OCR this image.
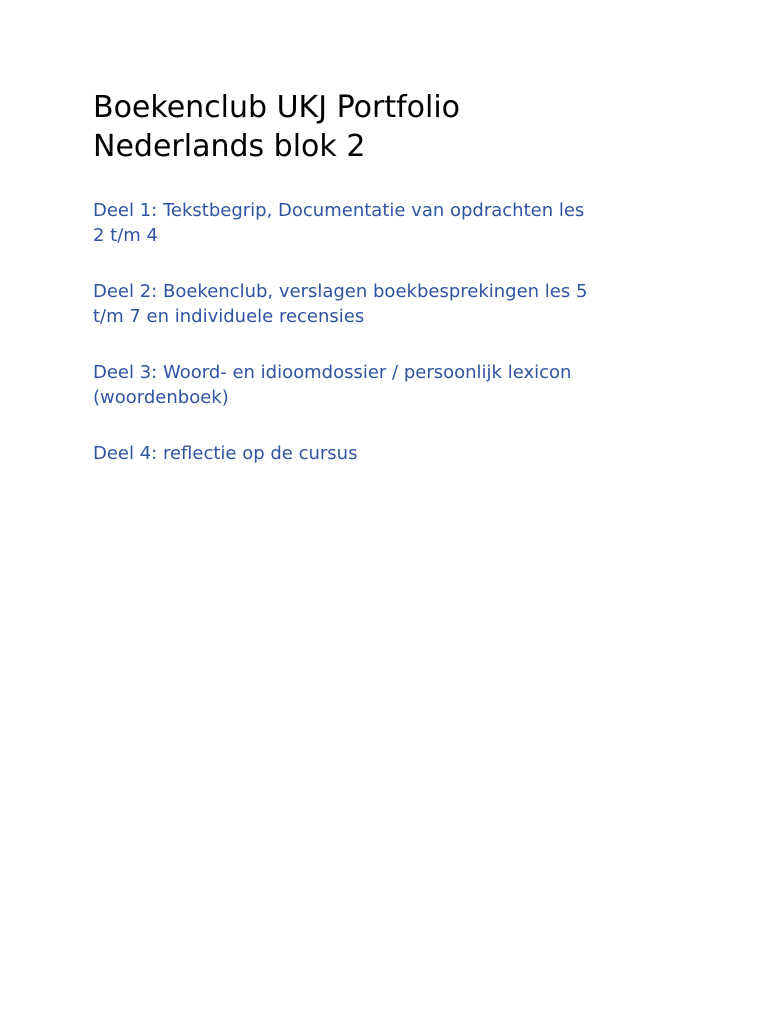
Boekenclub UKJ Portfolio
Nederlands blok 2

Deel 1: Tekstbegrip, Documentatie van opdrachten les
2 t/m 4

Deel 2: Boekenclub, verslagen boekbesprekingen les 5
t/m 7 en individuele recensies

Deel 3: Woord- en idioomdossier / persoonlijk lexicon
(woordenboek)

Deel 4: reflectie op de cursus
